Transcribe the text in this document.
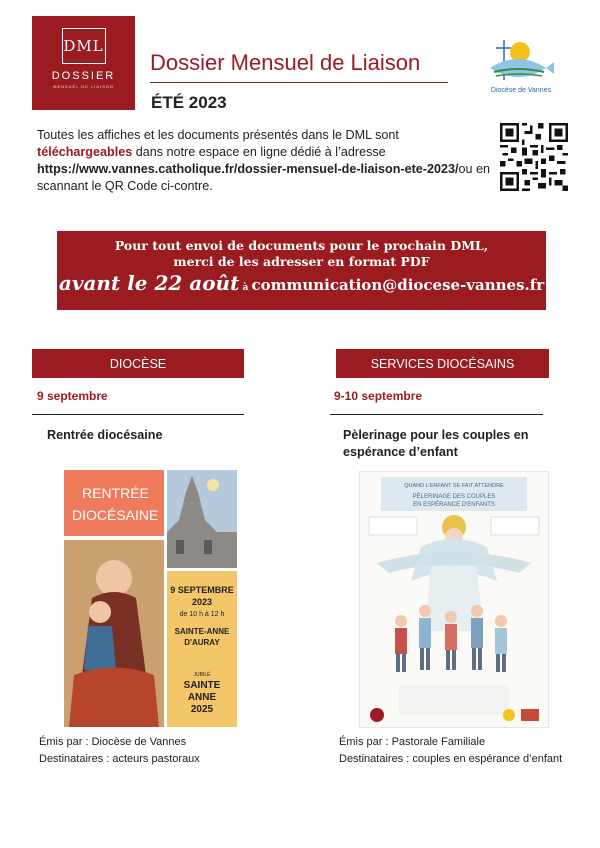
DML
DOSSIER
MENSUEL DE LIAISON
Dossier Mensuel de Liaison
ÉTÉ 2023
Diocèse de Vannes
Toutes les affiches et les documents présentés dans le DML sont téléchargeables dans notre espace en ligne dédié à l’adresse https://www.vannes.catholique.fr/dossier-mensuel-de-liaison-ete-2023/ou en scannant le QR Code ci-contre.
Pour tout envoi de documents pour le prochain DML,
merci de les adresser en format PDF
avant le 22 août à communication@diocese-vannes.fr
DIOCÈSE
9 septembre
Rentrée diocésaine
RENTRÉE
DIOCÉSAINE
9 SEPTEMBRE
2023
de 10 h à 12 h
SAINTE-ANNE
D'AURAY
JUBILÉ
SAINTE
ANNE
2025
Émis par : Diocèse de Vannes
Destinataires : acteurs pastoraux
SERVICES DIOCÉSAINS
9-10 septembre
Pèlerinage pour les couples en espérance d’enfant
QUAND L'ENFANT SE FAIT ATTENDRE
PÈLERINAGE DES COUPLES
EN ESPÉRANCE D'ENFANTS
Émis par : Pastorale Familiale
Destinataires : couples en espérance d’enfant
